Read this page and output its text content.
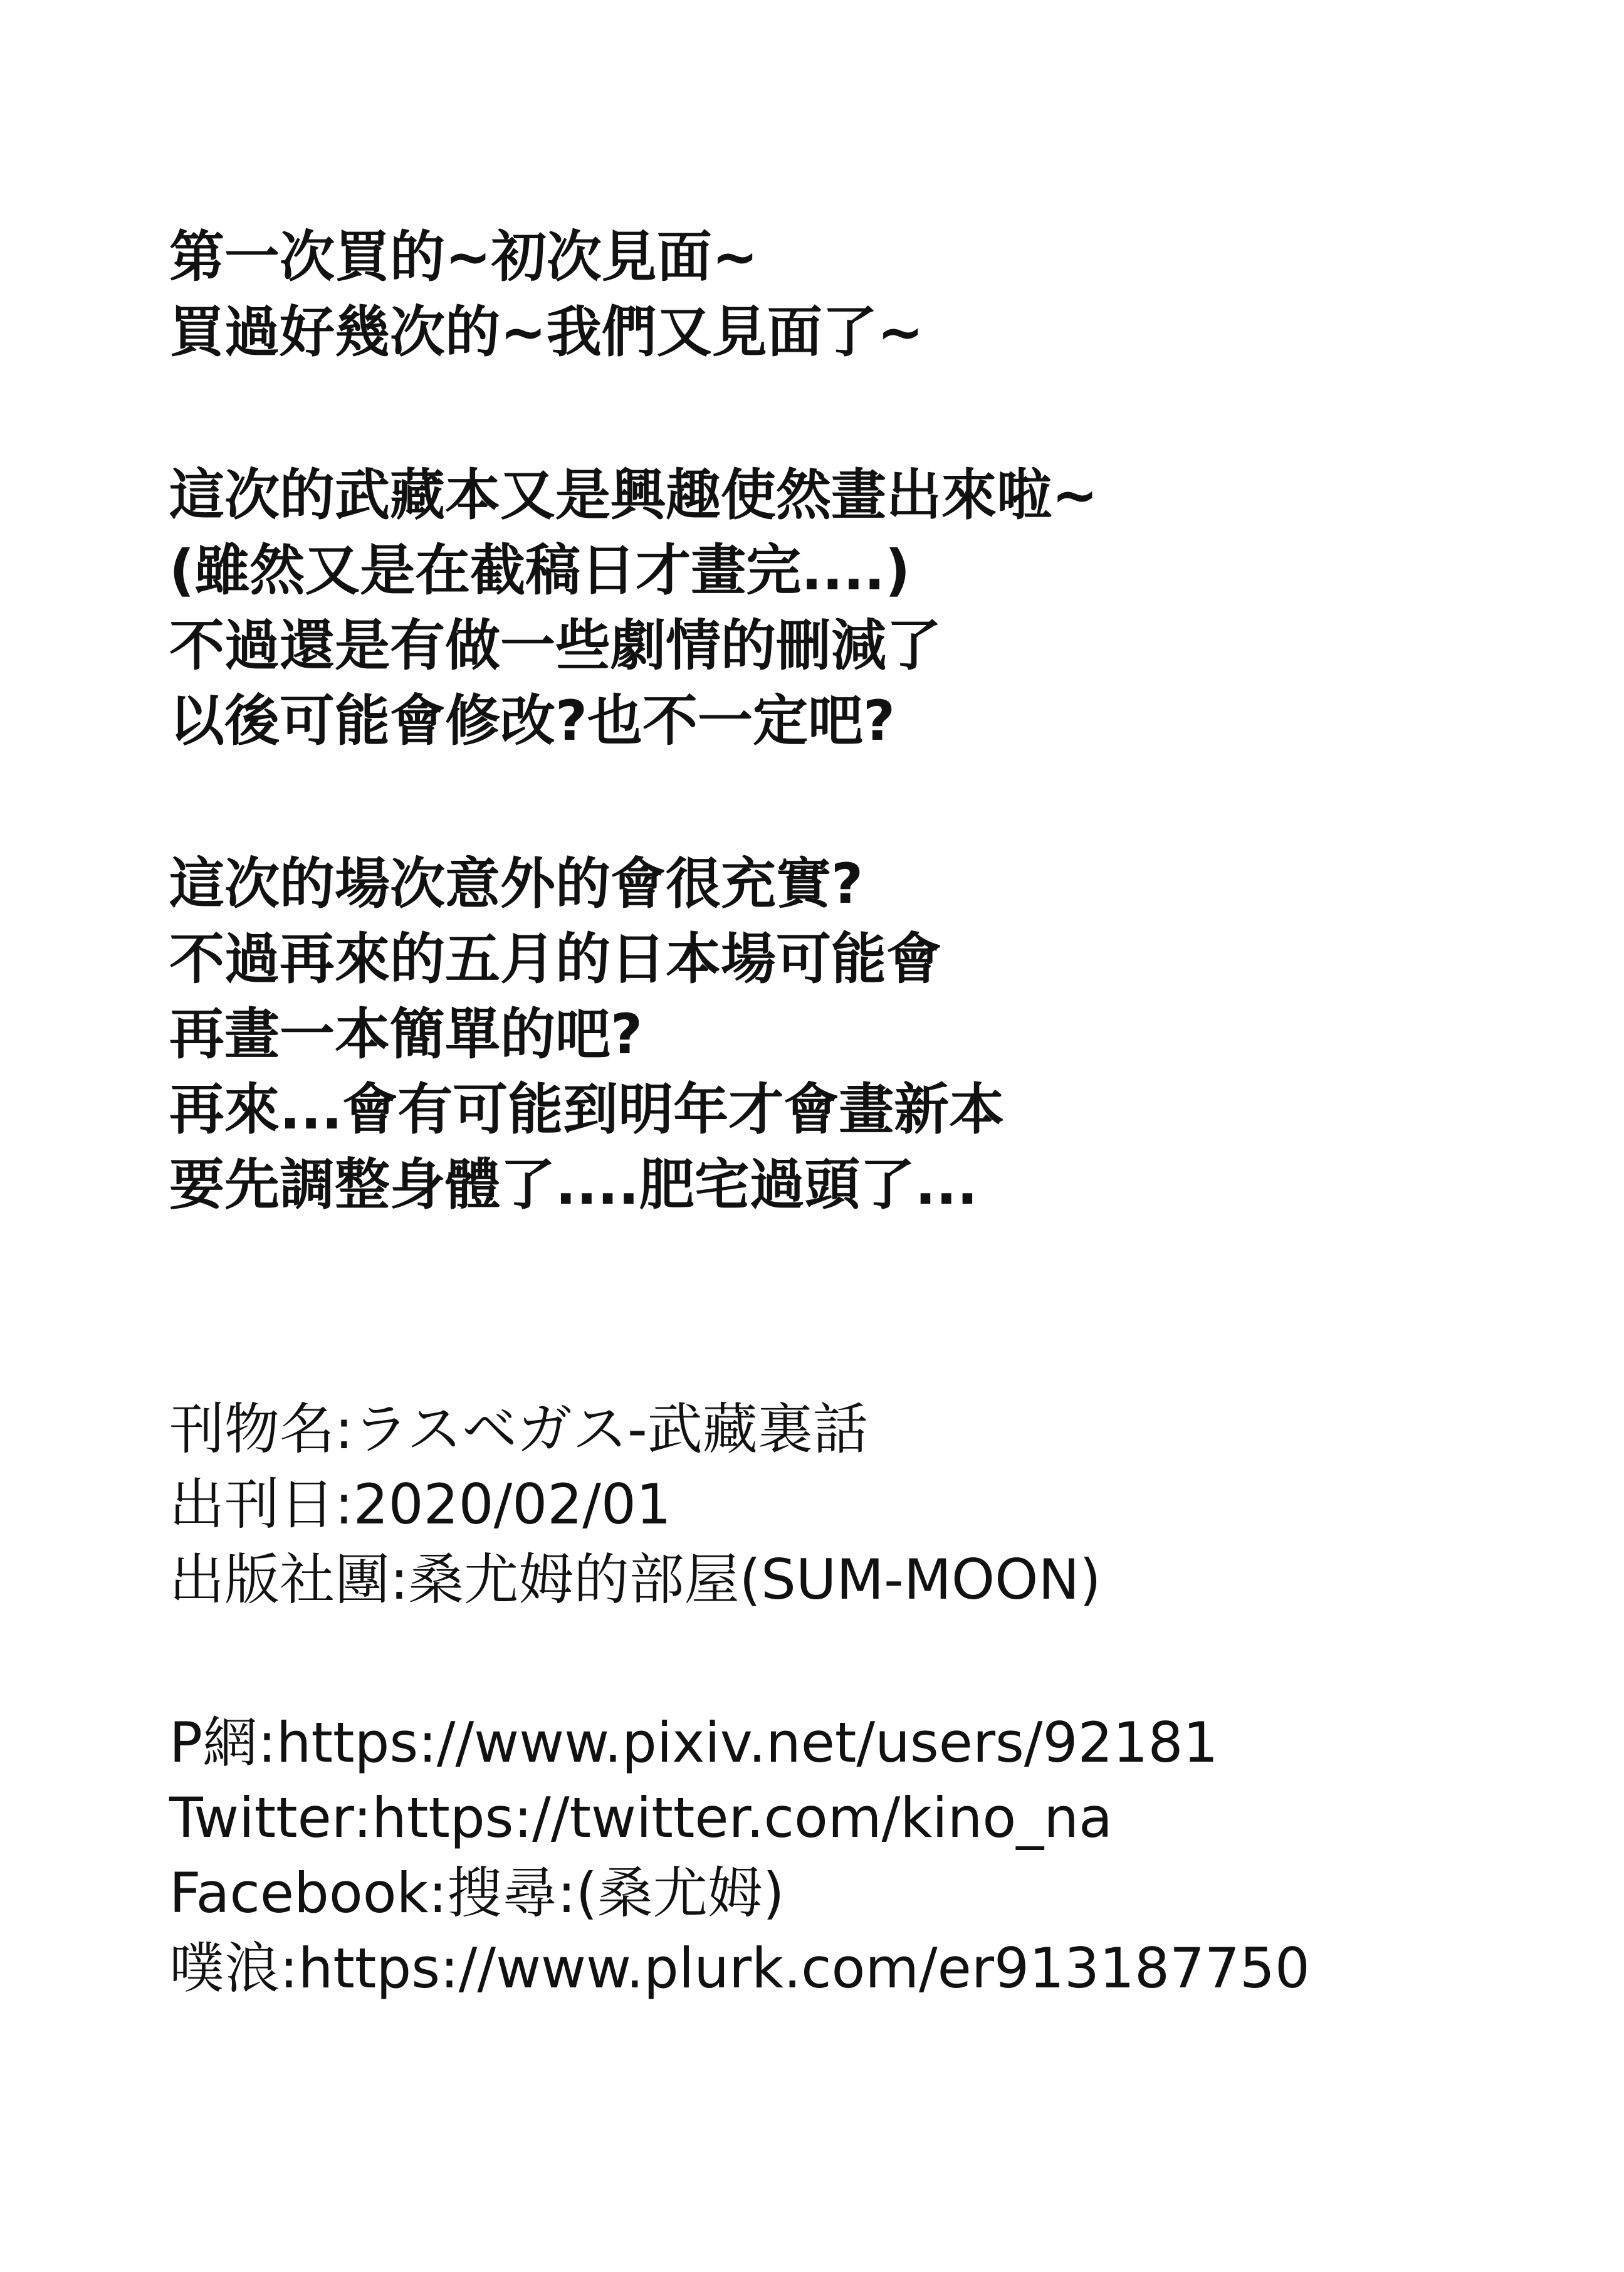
第一次買的~初次見面~
買過好幾次的~我們又見面了~
這次的武藏本又是興趣使然畫出來啦~
(雖然又是在截稿日才畫完....)
不過還是有做一些劇情的刪減了
以後可能會修改?也不一定吧?
這次的場次意外的會很充實?
不過再來的五月的日本場可能會
再畫一本簡單的吧?
再來...會有可能到明年才會畫新本
要先調整身體了....肥宅過頭了...
刊物名:ラスベガス-武藏裏話
出刊日:2020/02/01
出版社團:桑尤姆的部屋(SUM-MOON)
P網:https://www.pixiv.net/users/92181
Twitter:https://twitter.com/kino_na
Facebook:搜尋:(桑尤姆)
噗浪:https://www.plurk.com/er913187750
